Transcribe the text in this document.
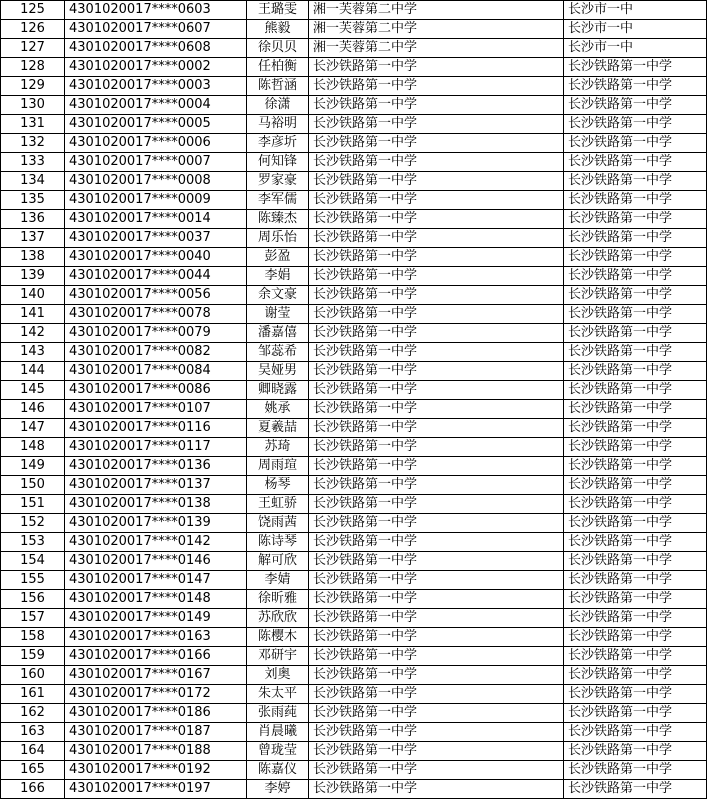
125	4301020017****0603	王璐雯	湘一芙蓉第二中学	长沙市一中
126	4301020017****0607	熊毅	湘一芙蓉第二中学	长沙市一中
127	4301020017****0608	徐贝贝	湘一芙蓉第二中学	长沙市一中
128	4301020017****0002	任柏衡	长沙铁路第一中学	长沙铁路第一中学
129	4301020017****0003	陈哲涵	长沙铁路第一中学	长沙铁路第一中学
130	4301020017****0004	徐潇	长沙铁路第一中学	长沙铁路第一中学
131	4301020017****0005	马裕明	长沙铁路第一中学	长沙铁路第一中学
132	4301020017****0006	李彦圻	长沙铁路第一中学	长沙铁路第一中学
133	4301020017****0007	何知锋	长沙铁路第一中学	长沙铁路第一中学
134	4301020017****0008	罗家豪	长沙铁路第一中学	长沙铁路第一中学
135	4301020017****0009	李军儒	长沙铁路第一中学	长沙铁路第一中学
136	4301020017****0014	陈臻杰	长沙铁路第一中学	长沙铁路第一中学
137	4301020017****0037	周乐怡	长沙铁路第一中学	长沙铁路第一中学
138	4301020017****0040	彭盈	长沙铁路第一中学	长沙铁路第一中学
139	4301020017****0044	李娟	长沙铁路第一中学	长沙铁路第一中学
140	4301020017****0056	余文豪	长沙铁路第一中学	长沙铁路第一中学
141	4301020017****0078	谢莹	长沙铁路第一中学	长沙铁路第一中学
142	4301020017****0079	潘嘉僖	长沙铁路第一中学	长沙铁路第一中学
143	4301020017****0082	邹蕊希	长沙铁路第一中学	长沙铁路第一中学
144	4301020017****0084	吴娅男	长沙铁路第一中学	长沙铁路第一中学
145	4301020017****0086	卿晓露	长沙铁路第一中学	长沙铁路第一中学
146	4301020017****0107	姚承	长沙铁路第一中学	长沙铁路第一中学
147	4301020017****0116	夏羲喆	长沙铁路第一中学	长沙铁路第一中学
148	4301020017****0117	苏琦	长沙铁路第一中学	长沙铁路第一中学
149	4301020017****0136	周雨瑄	长沙铁路第一中学	长沙铁路第一中学
150	4301020017****0137	杨琴	长沙铁路第一中学	长沙铁路第一中学
151	4301020017****0138	王虹骄	长沙铁路第一中学	长沙铁路第一中学
152	4301020017****0139	饶雨茜	长沙铁路第一中学	长沙铁路第一中学
153	4301020017****0142	陈诗琴	长沙铁路第一中学	长沙铁路第一中学
154	4301020017****0146	解可欣	长沙铁路第一中学	长沙铁路第一中学
155	4301020017****0147	李婧	长沙铁路第一中学	长沙铁路第一中学
156	4301020017****0148	徐昕雅	长沙铁路第一中学	长沙铁路第一中学
157	4301020017****0149	苏欣欣	长沙铁路第一中学	长沙铁路第一中学
158	4301020017****0163	陈樱木	长沙铁路第一中学	长沙铁路第一中学
159	4301020017****0166	邓研宇	长沙铁路第一中学	长沙铁路第一中学
160	4301020017****0167	刘奥	长沙铁路第一中学	长沙铁路第一中学
161	4301020017****0172	朱太平	长沙铁路第一中学	长沙铁路第一中学
162	4301020017****0186	张雨莼	长沙铁路第一中学	长沙铁路第一中学
163	4301020017****0187	肖晨曦	长沙铁路第一中学	长沙铁路第一中学
164	4301020017****0188	曾珑莹	长沙铁路第一中学	长沙铁路第一中学
165	4301020017****0192	陈嘉仪	长沙铁路第一中学	长沙铁路第一中学
166	4301020017****0197	李婷	长沙铁路第一中学	长沙铁路第一中学
